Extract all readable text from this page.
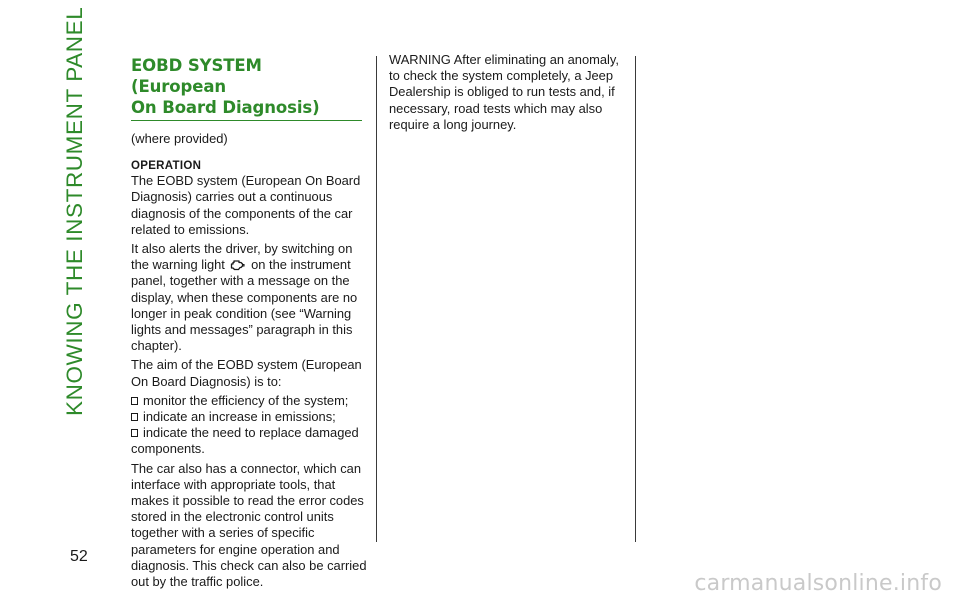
KNOWING THE INSTRUMENT PANEL
52
EOBD SYSTEM (European
On Board Diagnosis)

(where provided)

OPERATION

The EOBD system (European On Board Diagnosis) carries out a continuous diagnosis of the components of the car related to emissions.

It also alerts the driver, by switching on the warning light on the instrument panel, together with a message on the display, when these components are no longer in peak condition (see “Warning lights and messages” paragraph in this chapter).

The aim of the EOBD system (European On Board Diagnosis) is to:

monitor the efficiency of the system;
indicate an increase in emissions;
indicate the need to replace damaged

components.

The car also has a connector, which can interface with appropriate tools, that makes it possible to read the error codes stored in the electronic control units together with a series of specific parameters for engine operation and diagnosis. This check can also be carried out by the traffic police.

WARNING After eliminating an anomaly, to check the system completely, a Jeep Dealership is obliged to run tests and, if necessary, road tests which may also require a long journey.

carmanualsonline.info
